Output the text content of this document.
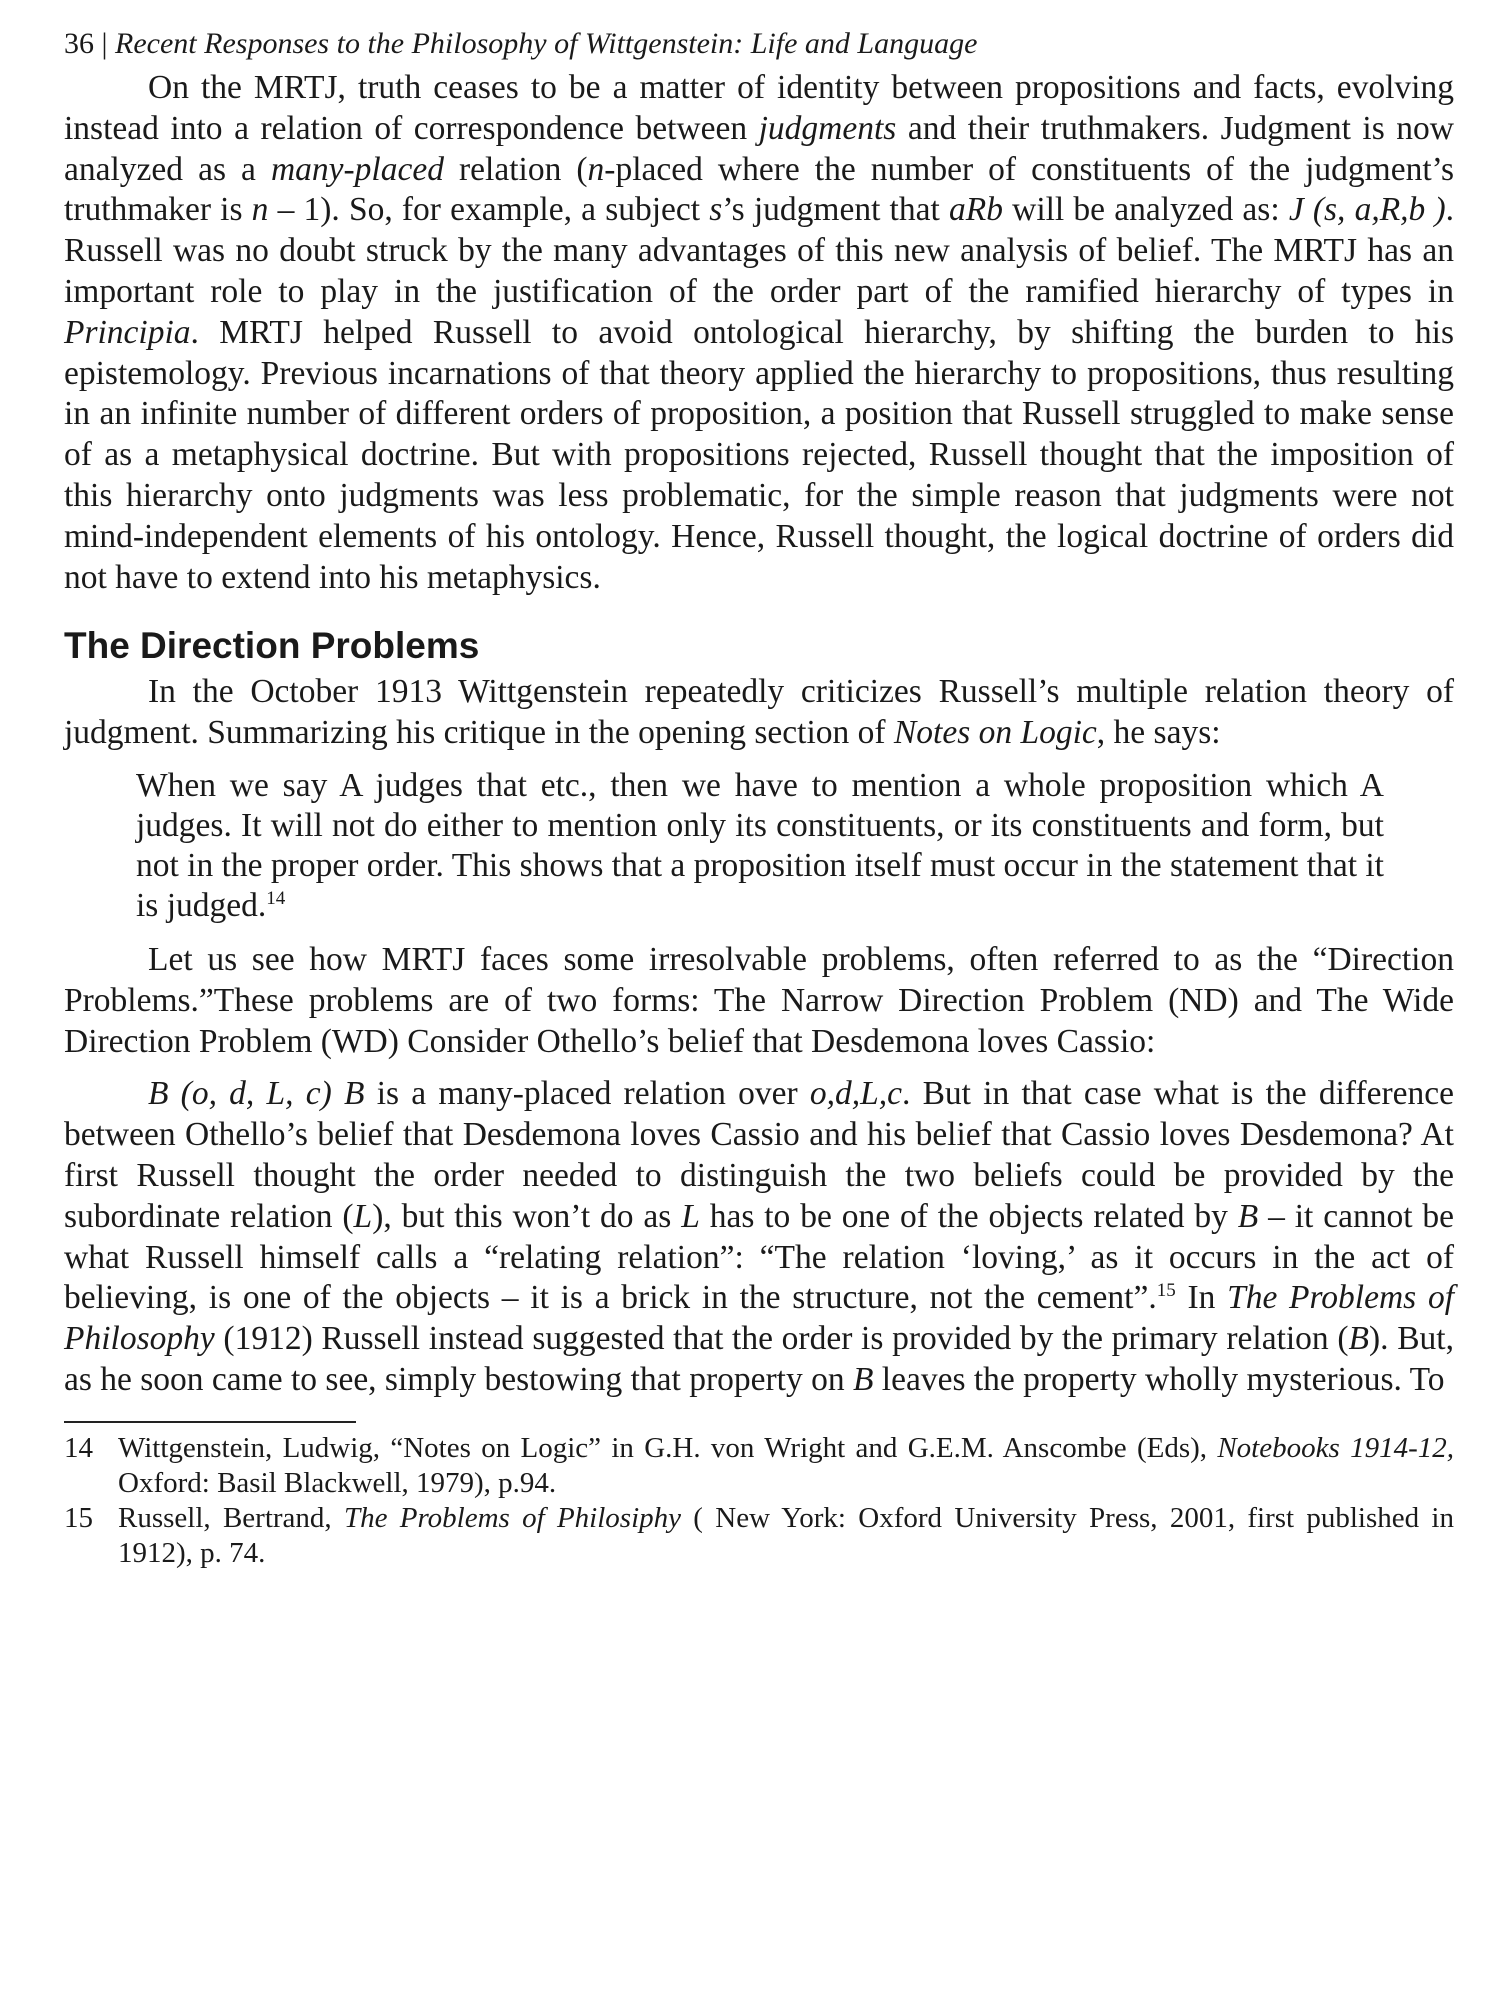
36 | Recent Responses to the Philosophy of Wittgenstein: Life and Language

On the MRTJ, truth ceases to be a matter of identity between propositions and facts, evolving instead into a relation of correspondence between judgments and their truthmakers. Judgment is now analyzed as a many-placed relation (n-placed where the number of constituents of the judgment’s truthmaker is n – 1). So, for example, a subject s’s judgment that aRb will be analyzed as: J (s, a,R,b ). Russell was no doubt struck by the many advantages of this new analysis of belief. The MRTJ has an important role to play in the justification of the order part of the ramified hierarchy of types in Principia. MRTJ helped Russell to avoid ontological hierarchy, by shifting the burden to his epistemology. Previous incarnations of that theory applied the hierarchy to propositions, thus resulting in an infinite number of different orders of proposition, a position that Russell struggled to make sense of as a metaphysical doctrine. But with propositions rejected, Russell thought that the imposition of this hierarchy onto judgments was less problematic, for the simple reason that judgments were not mind-independent elements of his ontology. Hence, Russell thought, the logical doctrine of orders did not have to extend into his metaphysics.

The Direction Problems

In the October 1913 Wittgenstein repeatedly criticizes Russell’s multiple relation theory of judgment. Summarizing his critique in the opening section of Notes on Logic, he says:

When we say A judges that etc., then we have to mention a whole proposition which A judges. It will not do either to mention only its constituents, or its constituents and form, but not in the proper order. This shows that a proposition itself must occur in the statement that it is judged.$^{14}$

Let us see how MRTJ faces some irresolvable problems, often referred to as the “Direction Problems.”These problems are of two forms: The Narrow Direction Problem (ND) and The Wide Direction Problem (WD) Consider Othello’s belief that Desdemona loves Cassio:

B (o, d, L, c) B is a many-placed relation over o,d,L,c. But in that case what is the difference between Othello’s belief that Desdemona loves Cassio and his belief that Cassio loves Desdemona? At first Russell thought the order needed to distinguish the two beliefs could be provided by the subordinate relation (L), but this won’t do as L has to be one of the objects related by B – it cannot be what Russell himself calls a “relating relation”: “The relation ‘loving,’ as it occurs in the act of believing, is one of the objects – it is a brick in the structure, not the cement”.$^{15}$ In The Problems of Philosophy (1912) Russell instead suggested that the order is provided by the primary relation (B). But, as he soon came to see, simply bestowing that property on B leaves the property wholly mysterious. To

14 Wittgenstein, Ludwig, “Notes on Logic” in G.H. von Wright and G.E.M. Anscombe (Eds), Notebooks 1914-12, Oxford: Basil Blackwell, 1979), p.94.

15 Russell, Bertrand, The Problems of Philosiphy ( New York: Oxford University Press, 2001, first published in 1912), p. 74.
